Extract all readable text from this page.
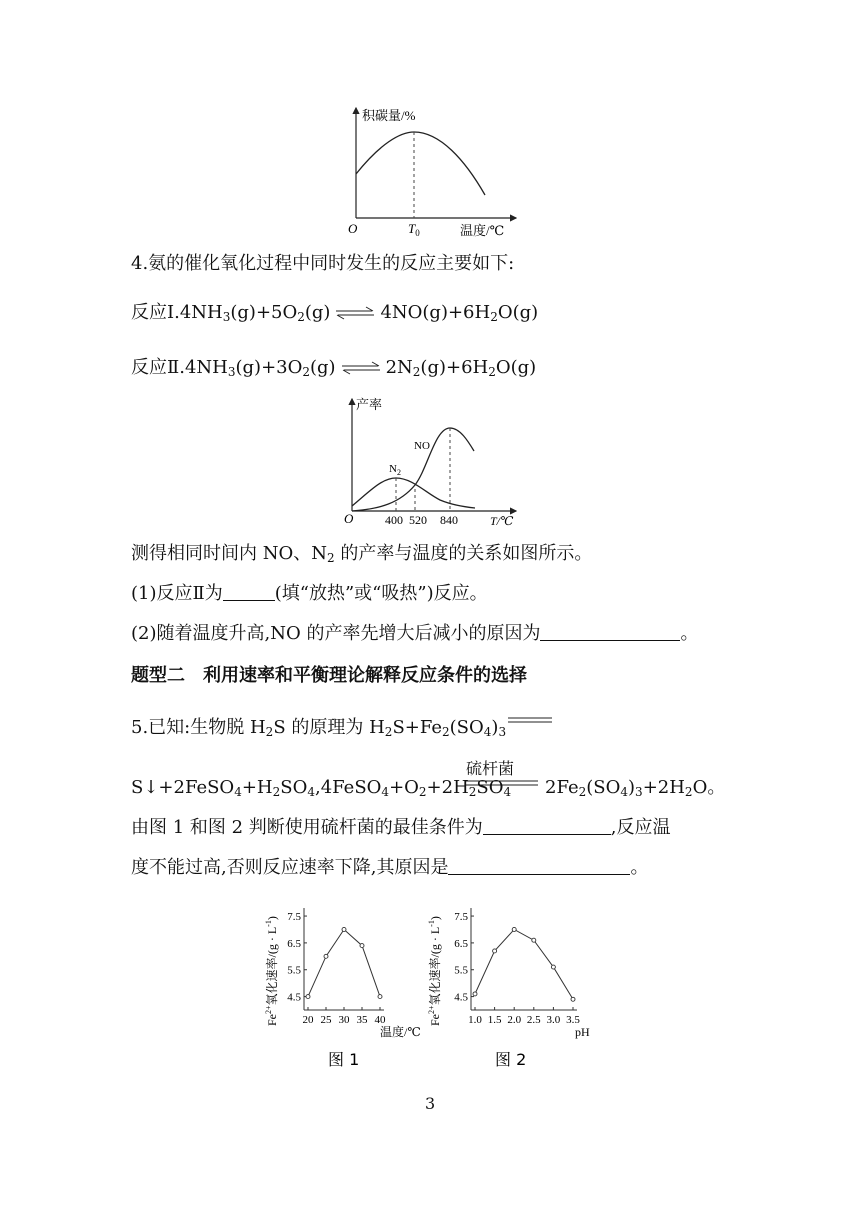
积碳量/%
O	$T_0$	温度/℃
4.氨的催化氧化过程中同时发生的反应主要如下:
反应$Ⅰ.4NH_3(g)+5O_2(g)$ ⇌ $4NO(g)+6H_2O(g)$
反应$Ⅱ.4NH_3(g)+3O_2(g)$ ⇌ $2N_2(g)+6H_2O(g)$
产率
NO
$N_2$
O	400 520 840	T/℃
测得相同时间内 NO、$N_2$ 的产率与温度的关系如图所示。
(1)反应Ⅱ为	(填“放热”或“吸热”)反应。
(2)随着温度升高,NO 的产率先增大后减小的原因为	。
题型二　利用速率和平衡理论解释反应条件的选择
5.已知:生物脱 $H_2S$ 的原理为 $H_2S+Fe_2(SO_4)_3$
硫杆菌
$S↓+2FeSO_4+H_2SO_4,4FeSO_4+O_2+2H_2SO_4$ $2Fe_2(SO_4)_3+2H_2O$。
由图 1 和图 2 判断使用硫杆菌的最佳条件为	,反应温
度不能过高,否则反应速率下降,其原因是	。
$Fe^{2+}$氧化速率$/(g \cdot L^{-1})$
4.5
5.5
6.5
7.5
20 25 30 35 40
温度/℃
图 1
$Fe^{2+}$氧化速率$/(g \cdot L^{-1})$
4.5
5.5
6.5
7.5
1.0 1.5 2.0 2.5 3.0 3.5
pH
图 2
3
